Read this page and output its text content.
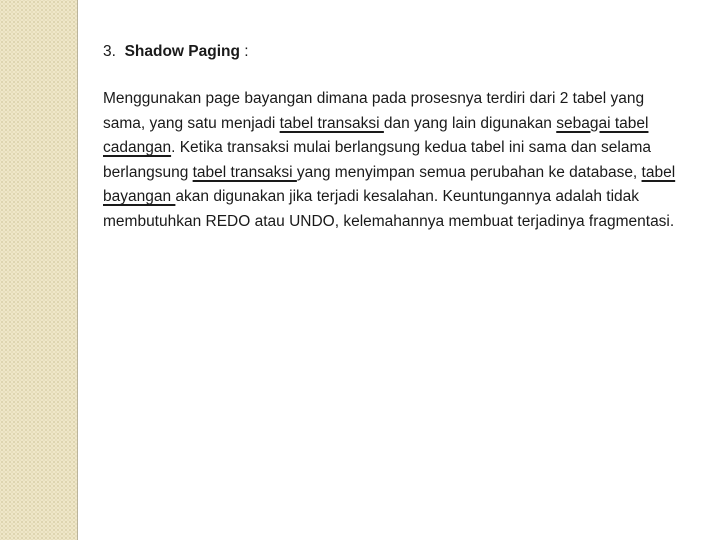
3. Shadow Paging :

Menggunakan page bayangan dimana pada prosesnya terdiri dari 2 tabel yang sama, yang satu menjadi tabel transaksi dan yang lain digunakan sebagai tabel cadangan. Ketika transaksi mulai berlangsung kedua tabel ini sama dan selama berlangsung tabel transaksi yang menyimpan semua perubahan ke database, tabel bayangan akan digunakan jika terjadi kesalahan. Keuntungannya adalah tidak membutuhkan REDO atau UNDO, kelemahannya membuat terjadinya fragmentasi.
